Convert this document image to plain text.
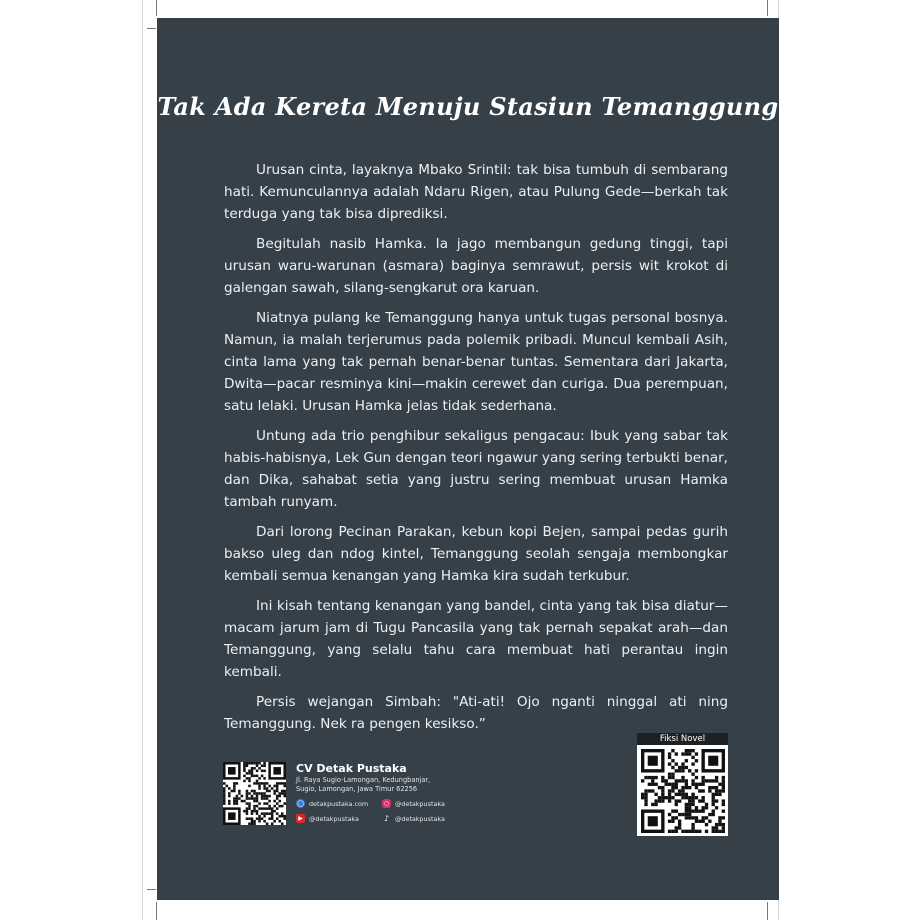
Tak Ada Kereta Menuju Stasiun Temanggung

Urusan cinta, layaknya Mbako Srintil: tak bisa tumbuh di sembarang hati. Kemunculannya adalah Ndaru Rigen, atau Pulung Gede—berkah tak terduga yang tak bisa diprediksi.

Begitulah nasib Hamka. Ia jago membangun gedung tinggi, tapi urusan waru-warunan (asmara) baginya semrawut, persis wit krokot di galengan sawah, silang-sengkarut ora karuan.

Niatnya pulang ke Temanggung hanya untuk tugas personal bosnya. Namun, ia malah terjerumus pada polemik pribadi. Muncul kembali Asih, cinta lama yang tak pernah benar-benar tuntas. Sementara dari Jakarta, Dwita—pacar resminya kini—makin cerewet dan curiga. Dua perempuan, satu lelaki. Urusan Hamka jelas tidak sederhana.

Untung ada trio penghibur sekaligus pengacau: Ibuk yang sabar tak habis-habisnya, Lek Gun dengan teori ngawur yang sering terbukti benar, dan Dika, sahabat setia yang justru sering membuat urusan Hamka tambah runyam.

Dari lorong Pecinan Parakan, kebun kopi Bejen, sampai pedas gurih bakso uleg dan ndog kintel, Temanggung seolah sengaja membongkar kembali semua kenangan yang Hamka kira sudah terkubur.

Ini kisah tentang kenangan yang bandel, cinta yang tak bisa diatur—macam jarum jam di Tugu Pancasila yang tak pernah sepakat arah—dan Temanggung, yang selalu tahu cara membuat hati perantau ingin kembali.

Persis wejangan Simbah: "Ati-ati! Ojo nganti ninggal ati ning Temanggung. Nek ra pengen kesikso.”

CV Detak Pustaka
Jl. Raya Sugio-Lamongan, Kedungbanjar,
Sugio, Lamongan, Jawa Timur 62256
◯ detakpustaka.com	○ @detakpustaka
▶ @detakpustaka	♪ @detakpustaka
Fiksi Novel
